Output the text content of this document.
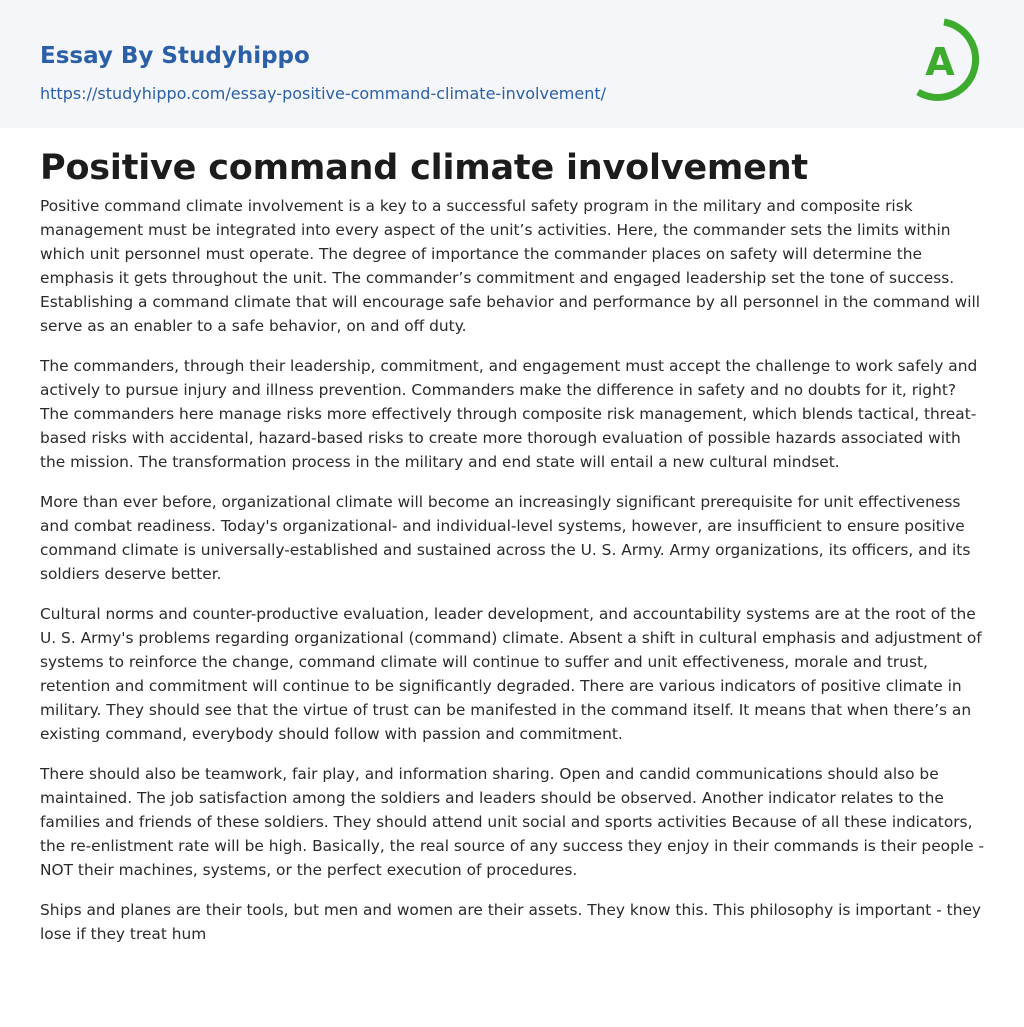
Essay By Studyhippo
https://studyhippo.com/essay-positive-command-climate-involvement/
A
Positive command climate involvement

Positive command climate involvement is a key to a successful safety program in the military and composite risk management must be integrated into every aspect of the unit’s activities. Here, the commander sets the limits within which unit personnel must operate. The degree of importance the commander places on safety will determine the emphasis it gets throughout the unit. The commander’s commitment and engaged leadership set the tone of success. Establishing a command climate that will encourage safe behavior and performance by all personnel in the command will serve as an enabler to a safe behavior, on and off duty.

The commanders, through their leadership, commitment, and engagement must accept the challenge to work safely and actively to pursue injury and illness prevention. Commanders make the difference in safety and no doubts for it, right? The commanders here manage risks more effectively through composite risk management, which blends tactical, threat-based risks with accidental, hazard-based risks to create more thorough evaluation of possible hazards associated with the mission. The transformation process in the military and end state will entail a new cultural mindset.

More than ever before, organizational climate will become an increasingly significant prerequisite for unit effectiveness and combat readiness. Today's organizational- and individual-level systems, however, are insufficient to ensure positive command climate is universally-established and sustained across the U. S. Army. Army organizations, its officers, and its soldiers deserve better.

Cultural norms and counter-productive evaluation, leader development, and accountability systems are at the root of the U. S. Army's problems regarding organizational (command) climate. Absent a shift in cultural emphasis and adjustment of systems to reinforce the change, command climate will continue to suffer and unit effectiveness, morale and trust, retention and commitment will continue to be significantly degraded. There are various indicators of positive climate in military. They should see that the virtue of trust can be manifested in the command itself. It means that when there’s an existing command, everybody should follow with passion and commitment.

There should also be teamwork, fair play, and information sharing. Open and candid communications should also be maintained. The job satisfaction among the soldiers and leaders should be observed. Another indicator relates to the families and friends of these soldiers. They should attend unit social and sports activities Because of all these indicators, the re-enlistment rate will be high. Basically, the real source of any success they enjoy in their commands is their people - NOT their machines, systems, or the perfect execution of procedures.

Ships and planes are their tools, but men and women are their assets. They know this. This philosophy is important - they lose if they treat hum
